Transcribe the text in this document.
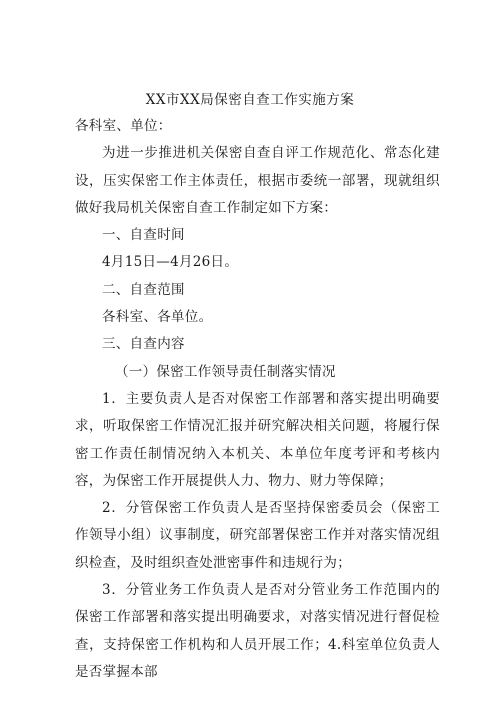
XX市XX局保密自查工作实施方案

各科室、单位：

为进一步推进机关保密自查自评工作规范化、常态化建设，压实保密工作主体责任，根据市委统一部署，现就组织做好我局机关保密自查工作制定如下方案：

一、自查时间

4月15日—4月26日。

二、自查范围

各科室、各单位。

三、自查内容

（一）保密工作领导责任制落实情况

1．主要负责人是否对保密工作部署和落实提出明确要求，听取保密工作情况汇报并研究解决相关问题，将履行保密工作责任制情况纳入本机关、本单位年度考评和考核内容，为保密工作开展提供人力、物力、财力等保障；

2．分管保密工作负责人是否坚持保密委员会（保密工作领导小组）议事制度，研究部署保密工作并对落实情况组织检查，及时组织查处泄密事件和违规行为；

3．分管业务工作负责人是否对分管业务工作范围内的保密工作部署和落实提出明确要求，对落实情况进行督促检查，支持保密工作机构和人员开展工作；4.科室单位负责人是否掌握本部
